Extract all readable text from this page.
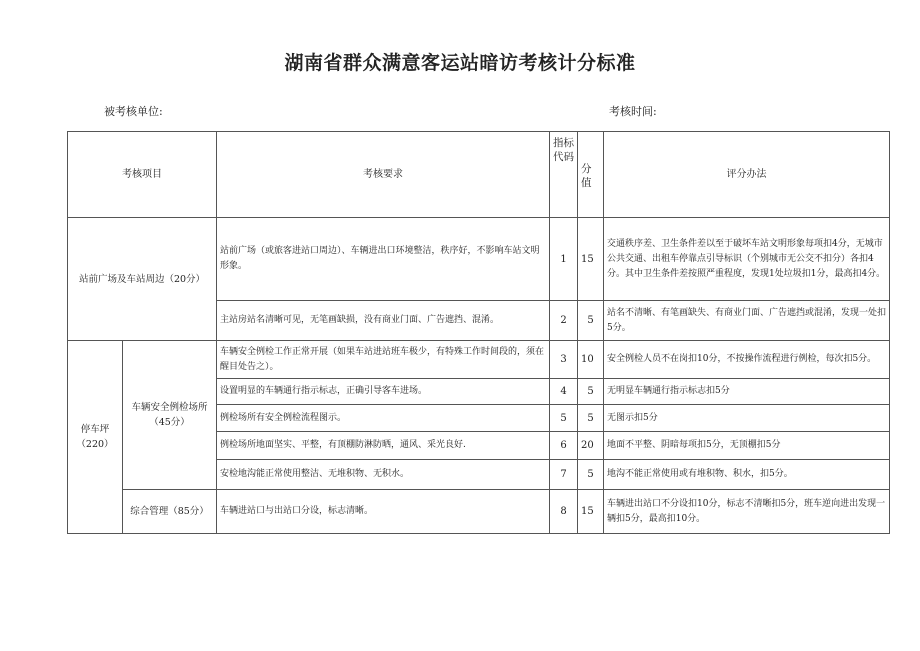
湖南省群众满意客运站暗访考核计分标准
被考核单位:	考核时间:
考核项目		考核要求	指标代码	分值	评分办法
站前广场及车站周边（20分）		站前广场（或旅客进站口周边）、车辆进出口环境整洁，秩序好，不影响车站文明形象。	1	15	交通秩序差、卫生条件差以至于破坏车站文明形象每项扣4分，无城市公共交通、出租车停靠点引导标识（个别城市无公交不扣分）各扣4分。其中卫生条件差按照严重程度，发现1处垃圾扣1分，最高扣4分。
		主站房站名清晰可见，无笔画缺损，没有商业门面、广告遮挡、混淆。	2	5	站名不清晰、有笔画缺失、有商业门面、广告遮挡或混淆，发现一处扣5分。
停车坪（220）	车辆安全例检场所（45分）	车辆安全例检工作正常开展（如果车站进站班车极少，有特殊工作时间段的，须在醒目处告之）。	3	10	安全例检人员不在岗扣10分，不按操作流程进行例检，每次扣5分。
		设置明显的车辆通行指示标志，正确引导客车进场。	4	5	无明显车辆通行指示标志扣5分
		例检场所有安全例检流程图示。	5	5	无图示扣5分
		例检场所地面坚实、平整，有顶棚防淋防晒，通风、采光良好.	6	20	地面不平整、阴暗每项扣5分，无顶棚扣5分
		安检地沟能正常使用整洁、无堆积物、无积水。	7	5	地沟不能正常使用或有堆积物、积水，扣5分。
	综合管理（85分）	车辆进站口与出站口分设，标志清晰。	8	15	车辆进出站口不分设扣10分，标志不清晰扣5分，班车逆向进出发现一辆扣5分，最高扣10分。
